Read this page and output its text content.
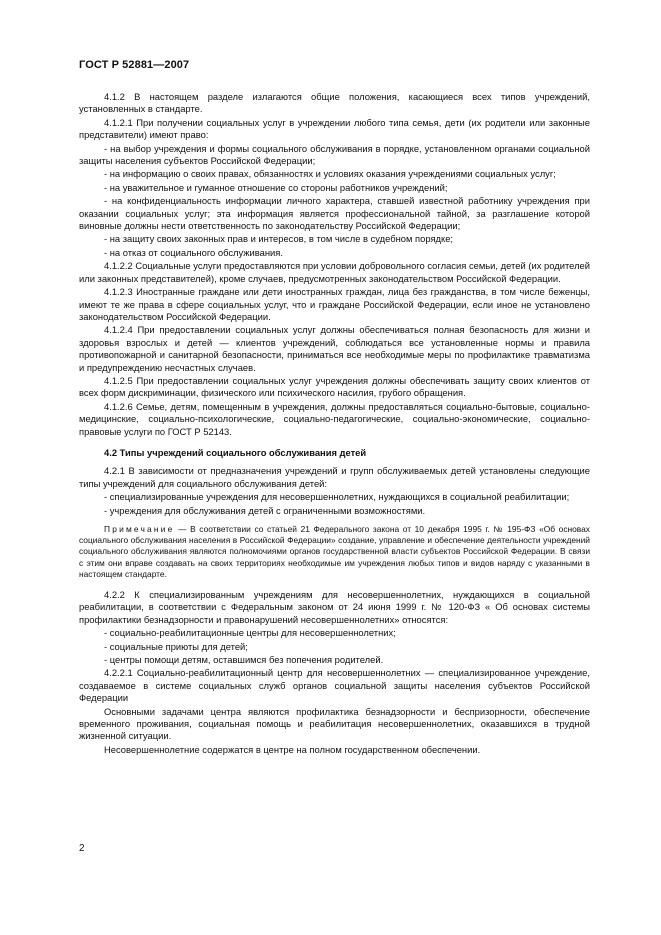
ГОСТ Р 52881—2007

4.1.2 В настоящем разделе излагаются общие положения, касающиеся всех типов учреждений, установленных в стандарте.

4.1.2.1 При получении социальных услуг в учреждении любого типа семья, дети (их родители или законные представители) имеют право:

- на выбор учреждения и формы социального обслуживания в порядке, установленном органами социальной защиты населения субъектов Российской Федерации;

- на информацию о своих правах, обязанностях и условиях оказания учреждениями социальных услуг;

- на уважительное и гуманное отношение со стороны работников учреждений;

- на конфиденциальность информации личного характера, ставшей известной работнику учреждения при оказании социальных услуг; эта информация является профессиональной тайной, за разглашение которой виновные должны нести ответственность по законодательству Российской Федерации;

- на защиту своих законных прав и интересов, в том числе в судебном порядке;

- на отказ от социального обслуживания.

4.1.2.2 Социальные услуги предоставляются при условии добровольного согласия семьи, детей (их родителей или законных представителей), кроме случаев, предусмотренных законодательством Российской Федерации.

4.1.2.3 Иностранные граждане или дети иностранных граждан, лица без гражданства, в том числе беженцы, имеют те же права в сфере социальных услуг, что и граждане Российской Федерации, если иное не установлено законодательством Российской Федерации.

4.1.2.4 При предоставлении социальных услуг должны обеспечиваться полная безопасность для жизни и здоровья взрослых и детей — клиентов учреждений, соблюдаться все установленные нормы и правила противопожарной и санитарной безопасности, приниматься все необходимые меры по профилактике травматизма и предупреждению несчастных случаев.

4.1.2.5 При предоставлении социальных услуг учреждения должны обеспечивать защиту своих клиентов от всех форм дискриминации, физического или психического насилия, грубого обращения.

4.1.2.6 Семье, детям, помещенным в учреждения, должны предоставляться социально-бытовые, социально-медицинские, социально-психологические, социально-педагогические, социально-экономические, социально-правовые услуги по ГОСТ Р 52143.

4.2 Типы учреждений социального обслуживания детей

4.2.1 В зависимости от предназначения учреждений и групп обслуживаемых детей установлены следующие типы учреждений для социального обслуживания детей:

- специализированные учреждения для несовершеннолетних, нуждающихся в социальной реабилитации;

- учреждения для обслуживания детей с ограниченными возможностями.

Примечание — В соответствии со статьей 21 Федерального закона от 10 декабря 1995 г. № 195-ФЗ «Об основах социального обслуживания населения в Российской Федерации» создание, управление и обеспечение деятельности учреждений социального обслуживания являются полномочиями органов государственной власти субъектов Российской Федерации. В связи с этим они вправе создавать на своих территориях необходимые им учреждения любых типов и видов наряду с указанными в настоящем стандарте.

4.2.2 К специализированным учреждениям для несовершеннолетних, нуждающихся в социальной реабилитации, в соответствии с Федеральным законом от 24 июня 1999 г. № 120-ФЗ « Об основах системы профилактики безнадзорности и правонарушений несовершеннолетних» относятся:

- социально-реабилитационные центры для несовершеннолетних;

- социальные приюты для детей;

- центры помощи детям, оставшимся без попечения родителей.

4.2.2.1 Социально-реабилитационный центр для несовершеннолетних — специализированное учреждение, создаваемое в системе социальных служб органов социальной защиты населения субъектов Российской Федерации

Основными задачами центра являются профилактика безнадзорности и беспризорности, обеспечение временного проживания, социальная помощь и реабилитация несовершеннолетних, оказавшихся в трудной жизненной ситуации.

Несовершеннолетние содержатся в центре на полном государственном обеспечении.

2
